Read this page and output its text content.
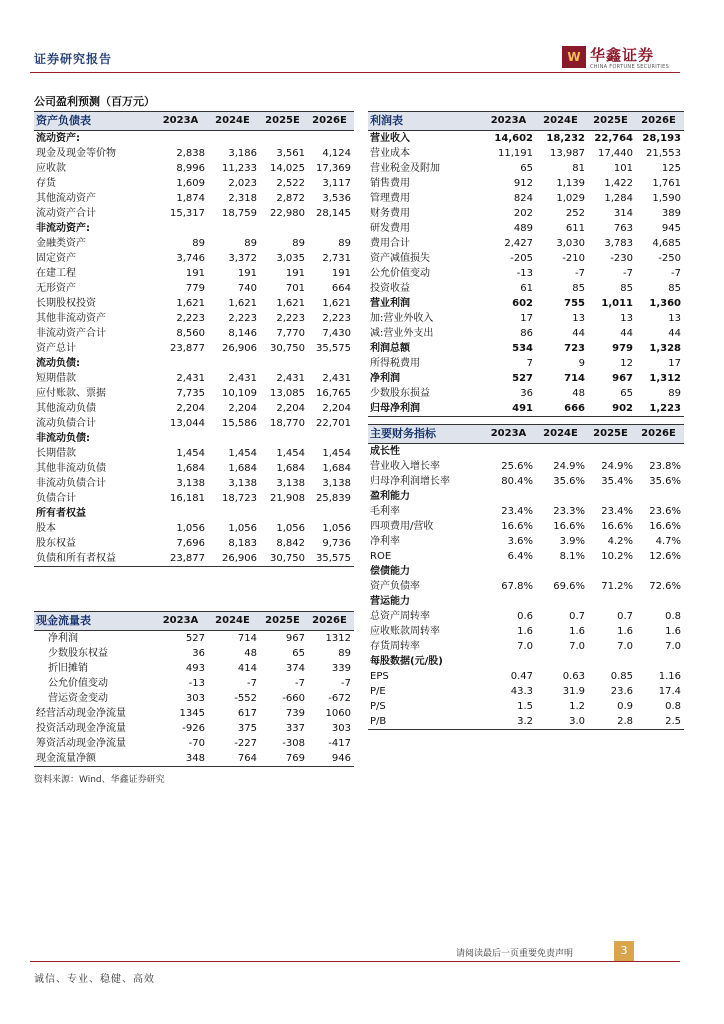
证券研究报告	W 华鑫证券
CHINA FORTUNE SECURITIES
公司盈利预测（百万元）
资产负债表	2023A	2024E	2025E	2026E
流动资产:				
现金及现金等价物	2,838	3,186	3,561	4,124
应收款	8,996	11,233	14,025	17,369
存货	1,609	2,023	2,522	3,117
其他流动资产	1,874	2,318	2,872	3,536
流动资产合计	15,317	18,759	22,980	28,145
非流动资产:				
金融类资产	89	89	89	89
固定资产	3,746	3,372	3,035	2,731
在建工程	191	191	191	191
无形资产	779	740	701	664
长期股权投资	1,621	1,621	1,621	1,621
其他非流动资产	2,223	2,223	2,223	2,223
非流动资产合计	8,560	8,146	7,770	7,430
资产总计	23,877	26,906	30,750	35,575
流动负债:				
短期借款	2,431	2,431	2,431	2,431
应付账款、票据	7,735	10,109	13,085	16,765
其他流动负债	2,204	2,204	2,204	2,204
流动负债合计	13,044	15,586	18,770	22,701
非流动负债:				
长期借款	1,454	1,454	1,454	1,454
其他非流动负债	1,684	1,684	1,684	1,684
非流动负债合计	3,138	3,138	3,138	3,138
负债合计	16,181	18,723	21,908	25,839
所有者权益				
股本	1,056	1,056	1,056	1,056
股东权益	7,696	8,183	8,842	9,736
负债和所有者权益	23,877	26,906	30,750	35,575
利润表	2023A	2024E	2025E	2026E
营业收入	14,602	18,232	22,764	28,193
营业成本	11,191	13,987	17,440	21,553
营业税金及附加	65	81	101	125
销售费用	912	1,139	1,422	1,761
管理费用	824	1,029	1,284	1,590
财务费用	202	252	314	389
研发费用	489	611	763	945
费用合计	2,427	3,030	3,783	4,685
资产减值损失	-205	-210	-230	-250
公允价值变动	-13	-7	-7	-7
投资收益	61	85	85	85
营业利润	602	755	1,011	1,360
加:营业外收入	17	13	13	13
减:营业外支出	86	44	44	44
利润总额	534	723	979	1,328
所得税费用	7	9	12	17
净利润	527	714	967	1,312
少数股东损益	36	48	65	89
归母净利润	491	666	902	1,223
主要财务指标	2023A	2024E	2025E	2026E
成长性				
营业收入增长率	25.6%	24.9%	24.9%	23.8%
归母净利润增长率	80.4%	35.6%	35.4%	35.6%
盈利能力				
毛利率	23.4%	23.3%	23.4%	23.6%
四项费用/营收	16.6%	16.6%	16.6%	16.6%
净利率	3.6%	3.9%	4.2%	4.7%
ROE	6.4%	8.1%	10.2%	12.6%
偿债能力				
资产负债率	67.8%	69.6%	71.2%	72.6%
营运能力				
总资产周转率	0.6	0.7	0.7	0.8
应收账款周转率	1.6	1.6	1.6	1.6
存货周转率	7.0	7.0	7.0	7.0
每股数据(元/股)				
EPS	0.47	0.63	0.85	1.16
P/E	43.3	31.9	23.6	17.4
P/S	1.5	1.2	0.9	0.8
P/B	3.2	3.0	2.8	2.5
现金流量表	2023A	2024E	2025E	2026E
净利润	527	714	967	1312
少数股东权益	36	48	65	89
折旧摊销	493	414	374	339
公允价值变动	-13	-7	-7	-7
营运资金变动	303	-552	-660	-672
经营活动现金净流量	1345	617	739	1060
投资活动现金净流量	-926	375	337	303
筹资活动现金净流量	-70	-227	-308	-417
现金流量净额	348	764	769	946
资料来源：Wind、华鑫证券研究
请阅读最后一页重要免责声明	3
诚信、专业、稳健、高效
